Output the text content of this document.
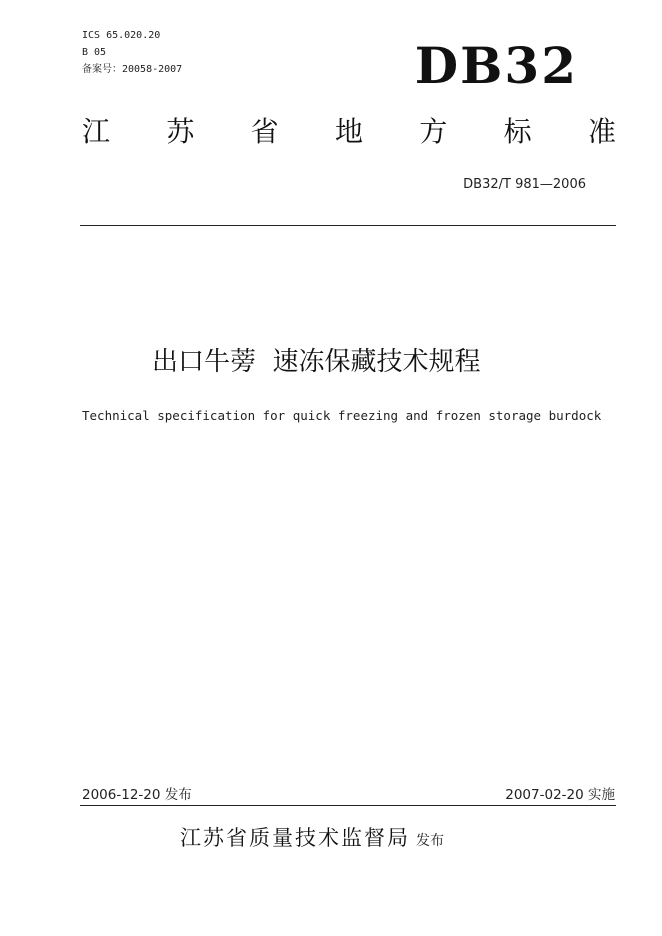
ICS 65.020.20
B 05
备案号：20058-2007	DB32
江 苏 省 地 方 标 准
DB32/T 981—2006
出口牛蒡  速冻保藏技术规程
Technical specification for quick freezing and frozen storage burdock
2006-12-20 发布	2007-02-20 实施
江苏省质量技术监督局 发布
